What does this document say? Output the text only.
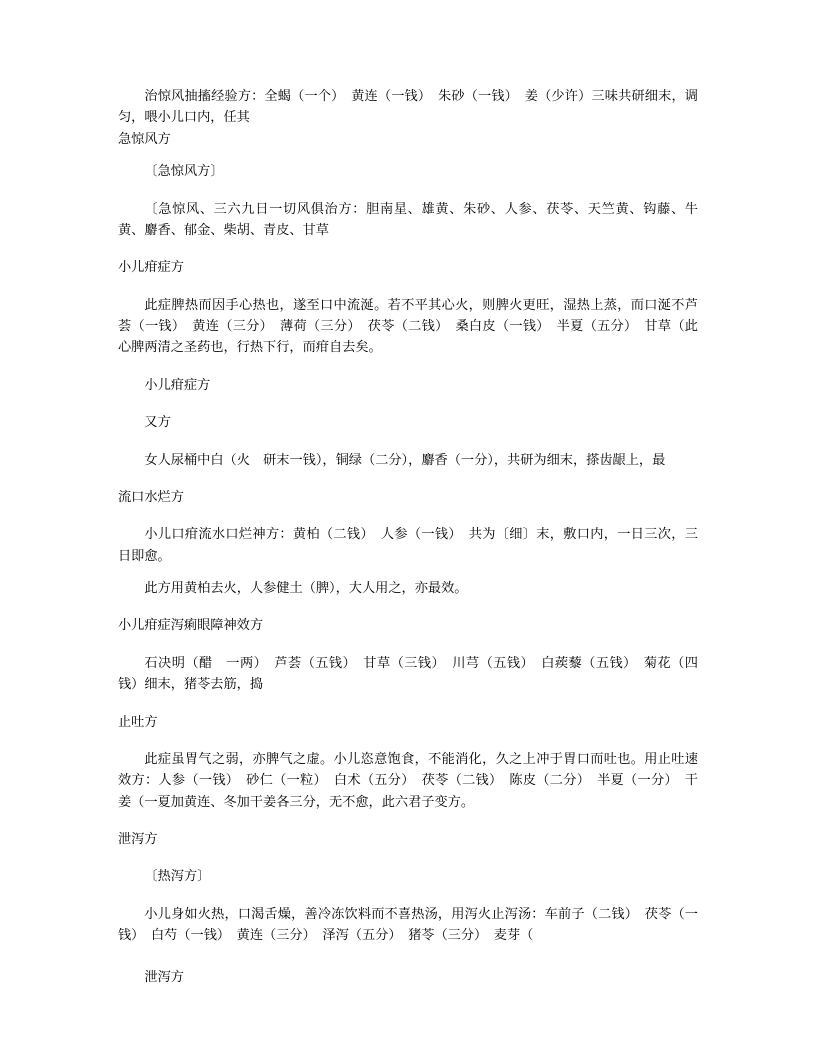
治惊风抽搐经验方：全蝎（一个）　黄连（一钱）　朱砂（一钱）　姜（少许）三味共研细末，调匀，喂小儿口内，任其

急惊风方

〔急惊风方〕

〔急惊风、三六九日一切风俱治方：胆南星、雄黄、朱砂、人参、茯苓、天竺黄、钩藤、牛黄、麝香、郁金、柴胡、青皮、甘草

小儿疳症方

此症脾热而因手心热也，遂至口中流涎。若不平其心火，则脾火更旺，湿热上蒸，而口涎不芦荟（一钱）　黄连（三分）　薄荷（三分）　茯苓（二钱）　桑白皮（一钱）　半夏（五分）　甘草（此心脾两清之圣药也，行热下行，而疳自去矣。

小儿疳症方

又方

女人尿桶中白（火　研末一钱），铜绿（二分），麝香（一分），共研为细末，搽齿龈上，最

流口水烂方

小儿口疳流水口烂神方：黄柏（二钱）　人参（一钱）　共为〔细〕末，敷口内，一日三次，三日即愈。

此方用黄柏去火，人参健土（脾），大人用之，亦最效。

小儿疳症泻痢眼障神效方

石决明（醋　一两）　芦荟（五钱）　甘草（三钱）　川芎（五钱）　白蒺藜（五钱）　菊花（四钱）细末，猪苓去筋，捣

止吐方

此症虽胃气之弱，亦脾气之虚。小儿恣意饱食，不能消化，久之上冲于胃口而吐也。用止吐速效方：人参（一钱）　砂仁（一粒）　白术（五分）　茯苓（二钱）　陈皮（二分）　半夏（一分）　干姜（一夏加黄连、冬加干姜各三分，无不愈，此六君子变方。

泄泻方

〔热泻方〕

小儿身如火热，口渴舌燥，善冷冻饮料而不喜热汤，用泻火止泻汤：车前子（二钱）　茯苓（一钱）　白芍（一钱）　黄连（三分）　泽泻（五分）　猪苓（三分）　麦芽（

泄泻方
